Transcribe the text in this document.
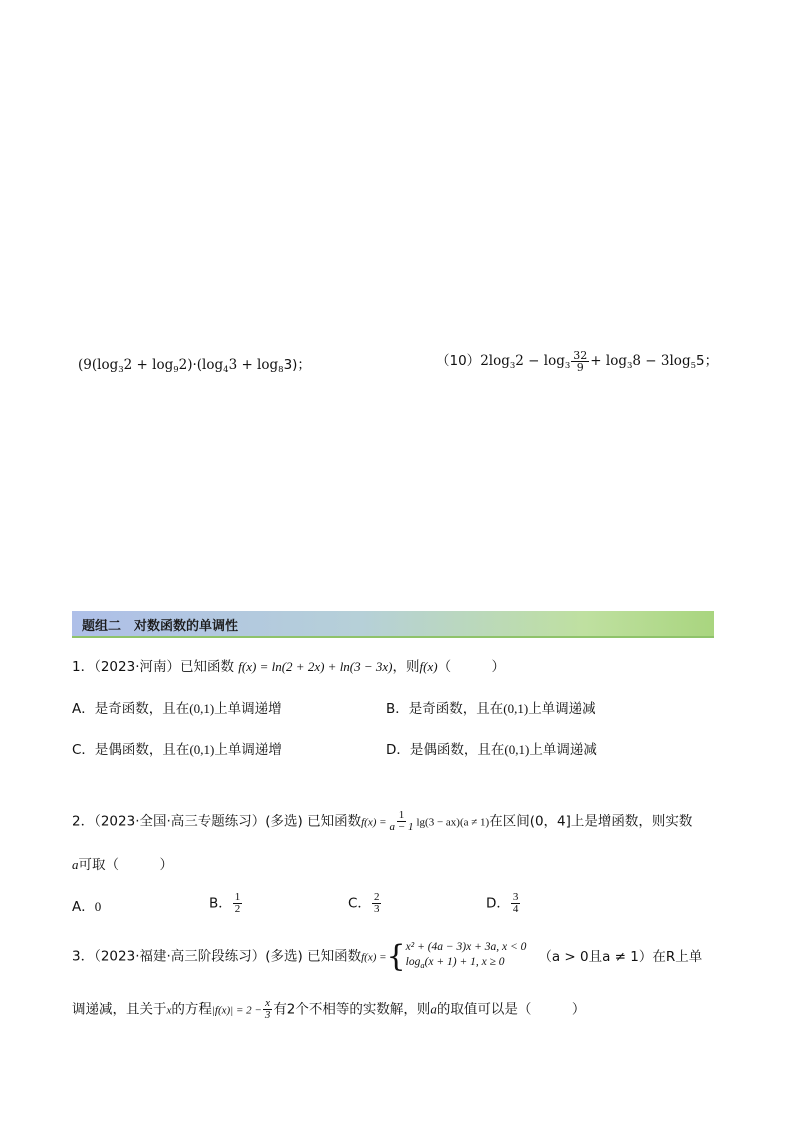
($9(\log_32 + \log_92)\cdot(\log_43 + \log_83)$；	$(10)2\log_32 - \log_3 \frac{32}{9} + \log_38 - 3\log_55$；
题组二　对数函数的单调性
1．（2023·河南）已知函数 f(x) = ln(2 + 2x) + ln(3 − 3x)，则f(x)（　　　）
A．是奇函数，且在(0,1)上单调递增	B．是奇函数，且在(0,1)上单调递减
C．是偶函数，且在(0,1)上单调递增	D．是偶函数，且在(0,1)上单调递减
2．（2023·全国·高三专题练习）(多选) 已知函数$f(x) = \frac{1}{a - 1} \lg(3 - ax)(a \ne 1)$在区间(0，4]上是增函数，则实数
a可取（　　　）
A．0	B． $\frac{1}{2}$	C． $\frac{2}{3}$	D． $\frac{3}{4}$
3．（2023·福建·高三阶段练习）(多选) 已知函数f(x) = { x² + (4a − 3)x + 3a, x < 0
$\log_a(x + 1) + 1$, x ≥ 0	（a > 0且a ≠ 1）在R上单
调递减，且关于x的方程$|f(x)| = 2 - \frac{x}{3}$ 有2个不相等的实数解，则a的取值可以是（　　　）
